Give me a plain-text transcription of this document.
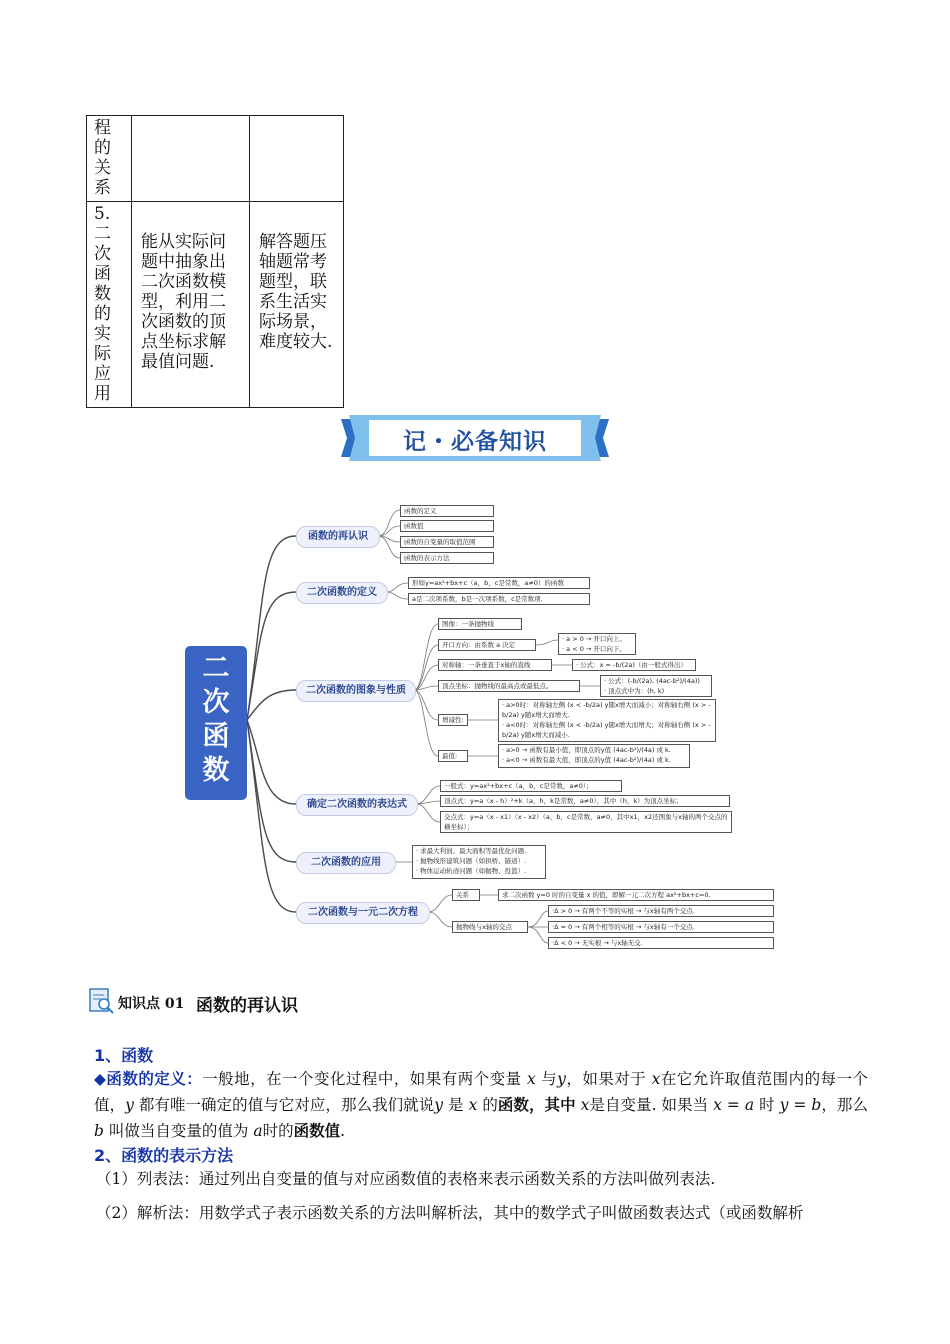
程的关系		

5.二次函数的实际应用	能从实际问题中抽象出二次函数模型，利用二次函数的顶点坐标求解最值问题.	解答题压轴题常考题型，联系生活实际场景，难度较大.
记・必备知识
二次函数
函数的再认识
函数的定义
函数值
函数的自变量的取值范围
函数的表示方法
二次函数的定义
形如y=ax²+bx+c（a，b，c是常数，a≠0）的函数
a是二次项系数，b是一次项系数，c是常数项.
二次函数的图象与性质
图像：一条抛物线
开口方向：由系数 a 决定
对称轴：一条垂直于x轴的直线
顶点坐标：抛物线的最高点或最低点。
增减性:
最值:
· a > 0 → 开口向上。
· a < 0 → 开口向下。
· 公式：x = -b/(2a)（由一般式得出）
· 公式：(-b/(2a), (4ac-b²)/(4a))
· 顶点式中为：(h, k)
· a>0时：对称轴左侧 (x < -b/2a) y随x增大而减小；对称轴右侧 (x > -b/2a) y随x增大而增大.
· a<0时：对称轴左侧 (x < -b/2a) y随x增大而增大；对称轴右侧 (x > -b/2a) y随x增大而减小.
· a>0 → 函数有最小值，即顶点的y值 (4ac-b²)/(4a) 或 k.
· a<0 → 函数有最大值，即顶点的y值 (4ac-b²)/(4a) 或 k.
确定二次函数的表达式
一般式：y=ax²+bx+c（a，b，c是常数，a≠0）；
顶点式：y=a（x - h）²+k（a，h，k是常数，a≠0），其中（h，k）为顶点坐标；
交点式：y=a（x - x1）（x - x2）（a，b，c是常数，a≠0，其中x1，x2还图象与x轴的两个交点的横坐标）；
二次函数的应用
· 求最大利润、最大面积等最优化问题.
· 抛物线形建筑问题（如拱桥、隧道）.
· 物体运动轨迹问题（如抛物、投篮）.
二次函数与一元二次方程
关系
抛物线与x轴的交点
求二次函数 y=0 时的自变量 x 的值，即解一元二次方程 ax²+bx+c=0.
·Δ > 0 → 有两个不等的实根 → 与x轴有两个交点.
·Δ = 0 → 有两个相等的实根 → 与x轴有一个交点.
·Δ < 0 → 无实根 → 与x轴无交.
知识点 01 函数的再认识
1、函数
◆函数的定义：一般地，在一个变化过程中，如果有两个变量 x 与y，如果对于 x在它允许取值范围内的每一个值，y 都有唯一确定的值与它对应，那么我们就说y 是 x 的函数，其中 x是自变量. 如果当 x = a 时 y = b，那么 b 叫做当自变量的值为 a时的函数值.
2、函数的表示方法
（1）列表法：通过列出自变量的值与对应函数值的表格来表示函数关系的方法叫做列表法.
（2）解析法：用数学式子表示函数关系的方法叫解析法，其中的数学式子叫做函数表达式（或函数解析
